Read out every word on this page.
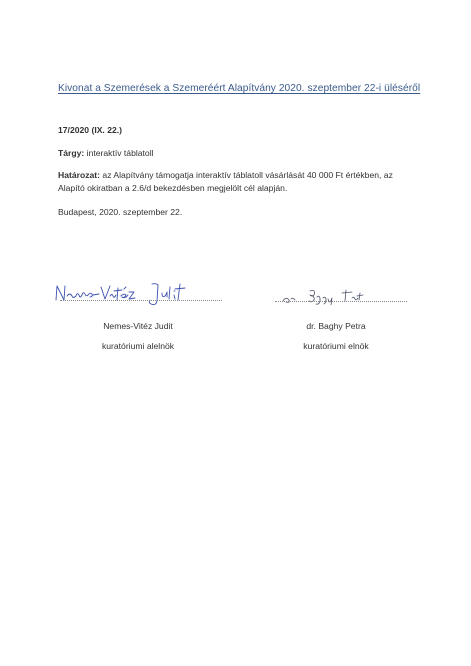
Kivonat a Szemerések a Szemeréért Alapítvány 2020. szeptember 22-i üléséről
17/2020 (IX. 22.)
Tárgy: interaktív táblatoll
Határozat: az Alapítvány támogatja interaktív táblatoll vásárlását 40 000 Ft értékben, az
Alapító okiratban a 2.6/d bekezdésben megjelölt cél alapján.
Budapest, 2020. szeptember 22.
Nemes-Vitéz Judit
kuratóriumi alelnök
dr. Baghy Petra
kuratóriumi elnök
